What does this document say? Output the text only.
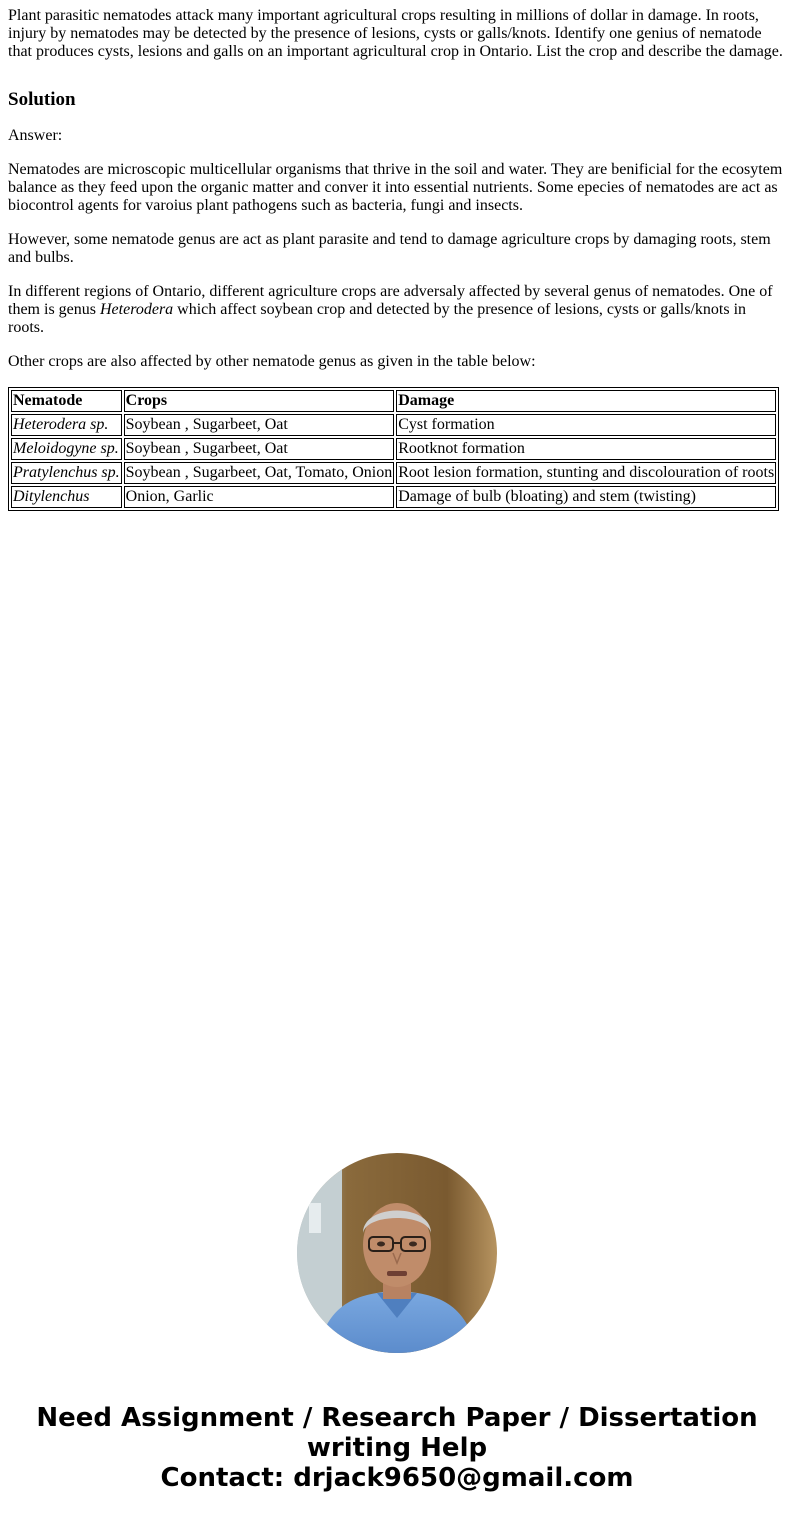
Plant parasitic nematodes attack many important agricultural crops resulting in millions of dollar in damage. In roots, injury by nematodes may be detected by the presence of lesions, cysts or galls/knots. Identify one genius of nematode that produces cysts, lesions and galls on an important agricultural crop in Ontario. List the crop and describe the damage.

Solution

Answer:

Nematodes are microscopic multicellular organisms that thrive in the soil and water. They are benificial for the ecosytem balance as they feed upon the organic matter and conver it into essential nutrients. Some epecies of nematodes are act as biocontrol agents for varoius plant pathogens such as bacteria, fungi and insects.

However, some nematode genus are act as plant parasite and tend to damage agriculture crops by damaging roots, stem and bulbs.

In different regions of Ontario, different agriculture crops are adversaly affected by several genus of nematodes. One of them is genus Heterodera which affect soybean crop and detected by the presence of lesions, cysts or galls/knots in roots.

Other crops are also affected by other nematode genus as given in the table below:

Nematode	Crops	Damage
Heterodera sp.	Soybean , Sugarbeet, Oat	Cyst formation
Meloidogyne sp.	Soybean , Sugarbeet, Oat	Rootknot formation
Pratylenchus sp.	Soybean , Sugarbeet, Oat, Tomato, Onion	Root lesion formation, stunting and discolouration of roots
Ditylenchus	Onion, Garlic	Damage of bulb (bloating) and stem (twisting)
Need Assignment / Research Paper / Dissertation
writing Help
Contact: drjack9650@gmail.com
